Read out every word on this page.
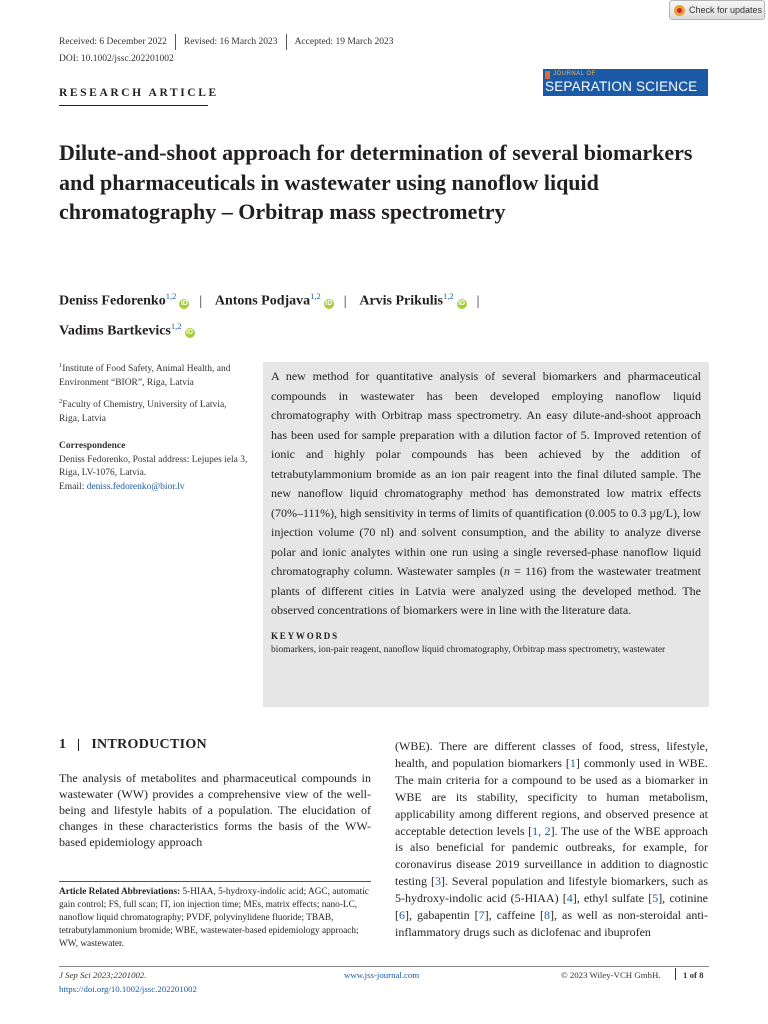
Check for updates
Received: 6 December 2022 Revised: 16 March 2023 Accepted: 19 March 2023
DOI: 10.1002/jssc.202201002
RESEARCH ARTICLE
JOURNAL OF
SEPARATION SCIENCE
Dilute-and-shoot approach for determination of several biomarkers and pharmaceuticals in wastewater using nanoflow liquid chromatography – Orbitrap mass spectrometry
Deniss Fedorenko$^{1,2}$iD | Antons Podjava$^{1,2}$iD | Arvis Prikulis$^{1,2}$iD |
Vadims Bartkevics$^{1,2}$iD

$^1$Institute of Food Safety, Animal Health, and Environment “BIOR”, Riga, Latvia

$^2$Faculty of Chemistry, University of Latvia, Riga, Latvia

Correspondence

Deniss Fedorenko, Postal address: Lejupes iela 3, Riga, LV-1076, Latvia.

Email: deniss.fedorenko@bior.lv

A new method for quantitative analysis of several biomarkers and pharmaceutical compounds in wastewater has been developed employing nanoflow liquid chromatography with Orbitrap mass spectrometry. An easy dilute-and-shoot approach has been used for sample preparation with a dilution factor of 5. Improved retention of ionic and highly polar compounds has been achieved by the addition of tetrabutylammonium bromide as an ion pair reagent into the final diluted sample. The new nanoflow liquid chromatography method has demonstrated low matrix effects (70%–111%), high sensitivity in terms of limits of quantification (0.005 to 0.3 µg/L), low injection volume (70 nl) and solvent consumption, and the ability to analyze diverse polar and ionic analytes within one run using a single reversed-phase nanoflow liquid chromatography column. Wastewater samples (n = 116) from the wastewater treatment plants of different cities in Latvia were analyzed using the developed method. The observed concentrations of biomarkers were in line with the literature data.

KEYWORDS

biomarkers, ion-pair reagent, nanoflow liquid chromatography, Orbitrap mass spectrometry, wastewater

1 INTRODUCTION

The analysis of metabolites and pharmaceutical compounds in wastewater (WW) provides a comprehensive view of the well-being and lifestyle habits of a population. The elucidation of changes in these characteristics forms the basis of the WW-based epidemiology approach

Article Related Abbreviations: 5-HIAA, 5-hydroxy-indolic acid; AGC, automatic gain control; FS, full scan; IT, ion injection time; MEs, matrix effects; nano-LC, nanoflow liquid chromatography; PVDF, polyvinylidene fluoride; TBAB, tetrabutylammonium bromide; WBE, wastewater-based epidemiology approach; WW, wastewater.

(WBE). There are different classes of food, stress, lifestyle, health, and population biomarkers [1] commonly used in WBE. The main criteria for a compound to be used as a biomarker in WBE are its stability, specificity to human metabolism, applicability among different regions, and observed presence at acceptable detection levels [1, 2]. The use of the WBE approach is also beneficial for pandemic outbreaks, for example, for coronavirus disease 2019 surveillance in addition to diagnostic testing [3]. Several population and lifestyle biomarkers, such as 5-hydroxy-indolic acid (5-HIAA) [4], ethyl sulfate [5], cotinine [6], gabapentin [7], caffeine [8], as well as non-steroidal anti-inflammatory drugs such as diclofenac and ibuprofen

J Sep Sci 2023;2201002.
https://doi.org/10.1002/jssc.202201002
www.jss-journal.com	© 2023 Wiley-VCH GmbH.	1 of 8
